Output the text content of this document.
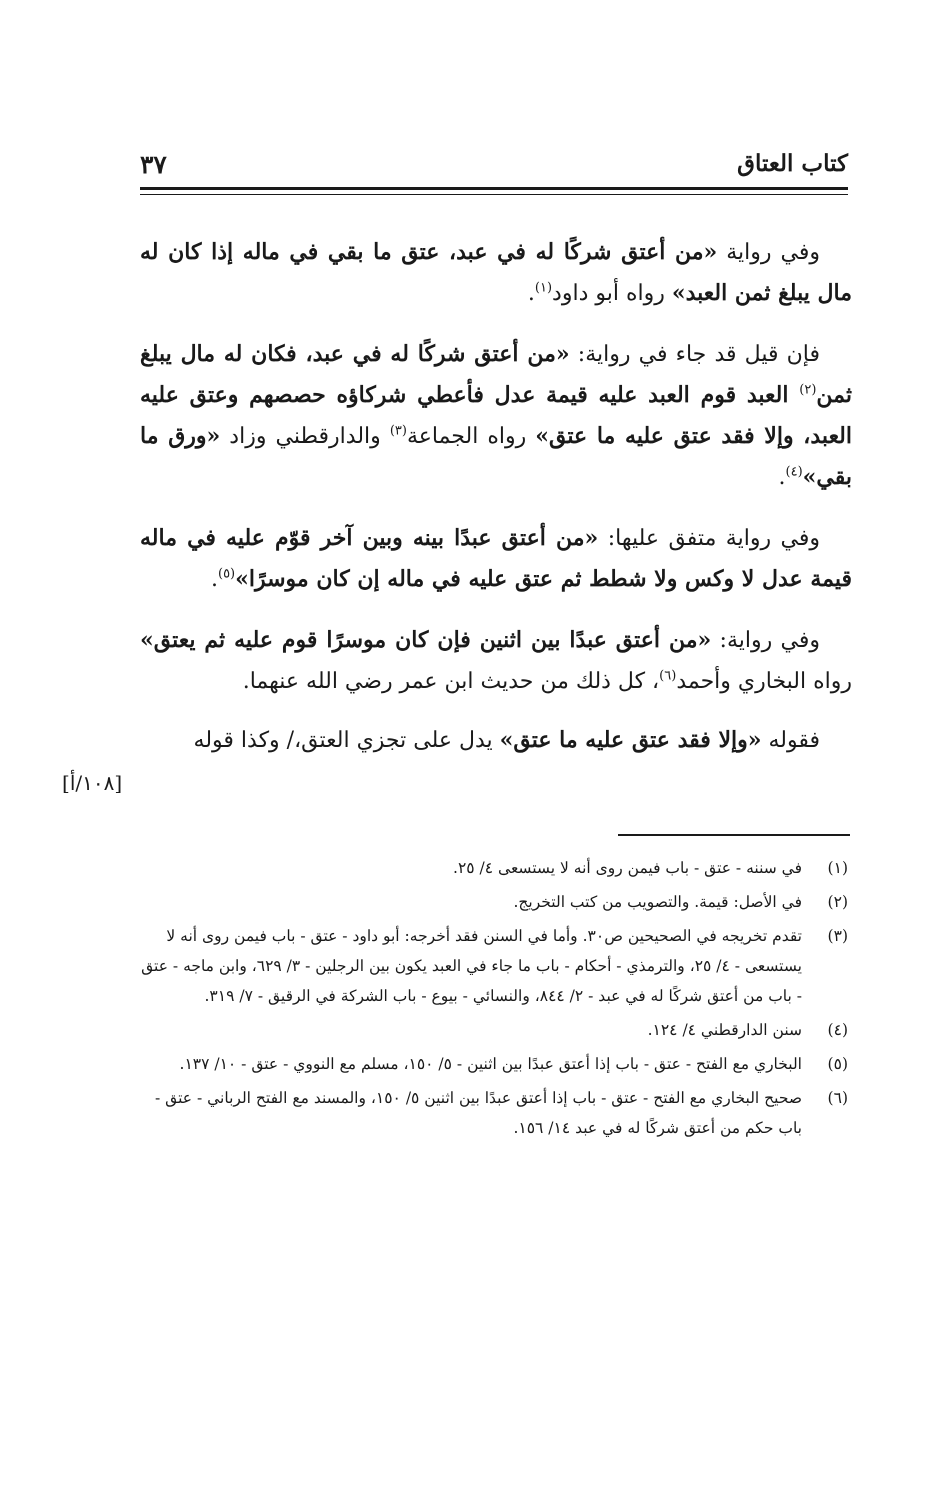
كتاب العتاق
٣٧

وفي رواية «من أعتق شركًا له في عبد، عتق ما بقي في ماله إذا كان له مال يبلغ ثمن العبد» رواه أبو داود$^{(١)}$.

فإن قيل قد جاء في رواية: «من أعتق شركًا له في عبد، فكان له مال يبلغ ثمن$^{(٢)}$ العبد قوم العبد عليه قيمة عدل فأعطي شركاؤه حصصهم وعتق عليه العبد، وإلا فقد عتق عليه ما عتق» رواه الجماعة$^{(٣)}$ والدارقطني وزاد «ورق ما بقي»$^{(٤)}$.

وفي رواية متفق عليها: «من أعتق عبدًا بينه وبين آخر قوّم عليه في ماله قيمة عدل لا وكس ولا شطط ثم عتق عليه في ماله إن كان موسرًا»$^{(٥)}$.

وفي رواية: «من أعتق عبدًا بين اثنين فإن كان موسرًا قوم عليه ثم يعتق» رواه البخاري وأحمد$^{(٦)}$، كل ذلك من حديث ابن عمر رضي الله عنهما.

فقوله «وإلا فقد عتق عليه ما عتق» يدل على تجزي العتق،/ وكذا قوله

[١٠٨/أ]
(١)
في سننه - عتق - باب فيمن روى أنه لا يستسعى ٤/ ٢٥.
(٢)
في الأصل: قيمة. والتصويب من كتب التخريج.
(٣)
تقدم تخريجه في الصحيحين ص٣٠. وأما في السنن فقد أخرجه: أبو داود - عتق - باب فيمن روى أنه لا يستسعى - ٤/ ٢٥، والترمذي - أحكام - باب ما جاء في العبد يكون بين الرجلين - ٣/ ٦٢٩، وابن ماجه - عتق - باب من أعتق شركًا له في عبد - ٢/ ٨٤٤، والنسائي - بيوع - باب الشركة في الرقيق - ٧/ ٣١٩.
(٤)
سنن الدارقطني ٤/ ١٢٤.
(٥)
البخاري مع الفتح - عتق - باب إذا أعتق عبدًا بين اثنين - ٥/ ١٥٠، مسلم مع النووي - عتق - ١٠/ ١٣٧.
(٦)
صحيح البخاري مع الفتح - عتق - باب إذا أعتق عبدًا بين اثنين ٥/ ١٥٠، والمسند مع الفتح الرباني - عتق - باب حكم من أعتق شركًا له في عبد ١٤/ ١٥٦.
